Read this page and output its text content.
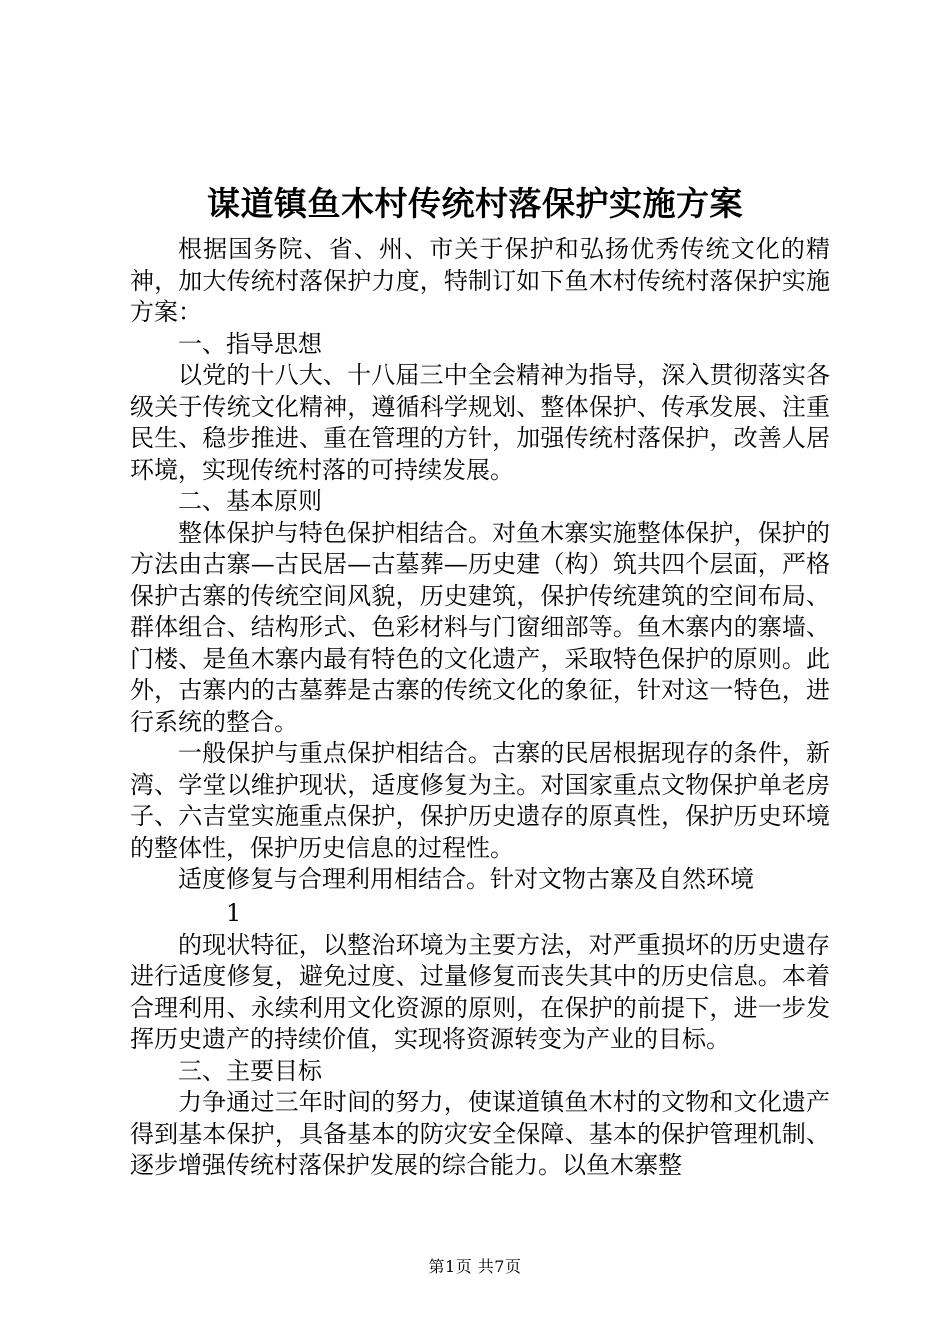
谋道镇鱼木村传统村落保护实施方案

根据国务院、省、州、市关于保护和弘扬优秀传统文化的精神，加大传统村落保护力度，特制订如下鱼木村传统村落保护实施方案：

一、指导思想

以党的十八大、十八届三中全会精神为指导，深入贯彻落实各级关于传统文化精神，遵循科学规划、整体保护、传承发展、注重民生、稳步推进、重在管理的方针，加强传统村落保护，改善人居环境，实现传统村落的可持续发展。

二、基本原则

整体保护与特色保护相结合。对鱼木寨实施整体保护，保护的方法由古寨—古民居—古墓葬—历史建（构）筑共四个层面，严格保护古寨的传统空间风貌，历史建筑，保护传统建筑的空间布局、群体组合、结构形式、色彩材料与门窗细部等。鱼木寨内的寨墙、门楼、是鱼木寨内最有特色的文化遗产，采取特色保护的原则。此外，古寨内的古墓葬是古寨的传统文化的象征，针对这一特色，进行系统的整合。

一般保护与重点保护相结合。古寨的民居根据现存的条件，新湾、学堂以维护现状，适度修复为主。对国家重点文物保护单老房子、六吉堂实施重点保护，保护历史遗存的原真性，保护历史环境的整体性，保护历史信息的过程性。

适度修复与合理利用相结合。针对文物古寨及自然环境

1

的现状特征，以整治环境为主要方法，对严重损坏的历史遗存进行适度修复，避免过度、过量修复而丧失其中的历史信息。本着合理利用、永续利用文化资源的原则，在保护的前提下，进一步发挥历史遗产的持续价值，实现将资源转变为产业的目标。

三、主要目标

力争通过三年时间的努力，使谋道镇鱼木村的文物和文化遗产得到基本保护，具备基本的防灾安全保障、基本的保护管理机制、逐步增强传统村落保护发展的综合能力。以鱼木寨整

第1页 共7页
